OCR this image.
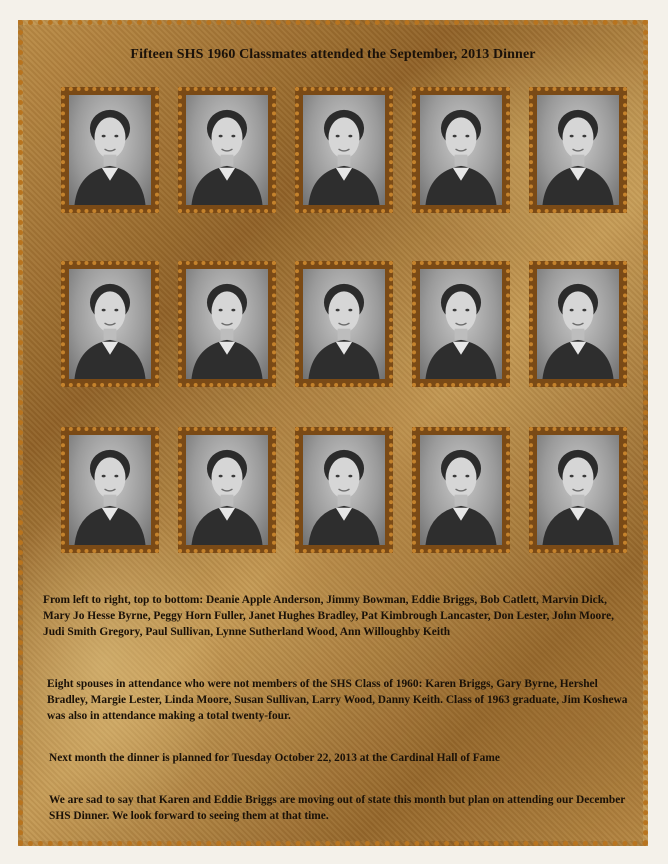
Fifteen SHS 1960 Classmates attended the September, 2013 Dinner

From left to right, top to bottom: Deanie Apple Anderson, Jimmy Bowman, Eddie Briggs, Bob Catlett, Marvin Dick, Mary Jo Hesse Byrne, Peggy Horn Fuller, Janet Hughes Bradley, Pat Kimbrough Lancaster, Don Lester, John Moore, Judi Smith Gregory, Paul Sullivan, Lynne Sutherland Wood, Ann Willoughby Keith

Eight spouses in attendance who were not members of the SHS Class of 1960: Karen Briggs, Gary Byrne, Hershel Bradley, Margie Lester, Linda Moore, Susan Sullivan, Larry Wood, Danny Keith. Class of 1963 graduate, Jim Koshewa was also in attendance making a total twenty-four.

Next month the dinner is planned for Tuesday October 22, 2013 at the Cardinal Hall of Fame

We are sad to say that Karen and Eddie Briggs are moving out of state this month but plan on attending our December SHS Dinner. We look forward to seeing them at that time.
